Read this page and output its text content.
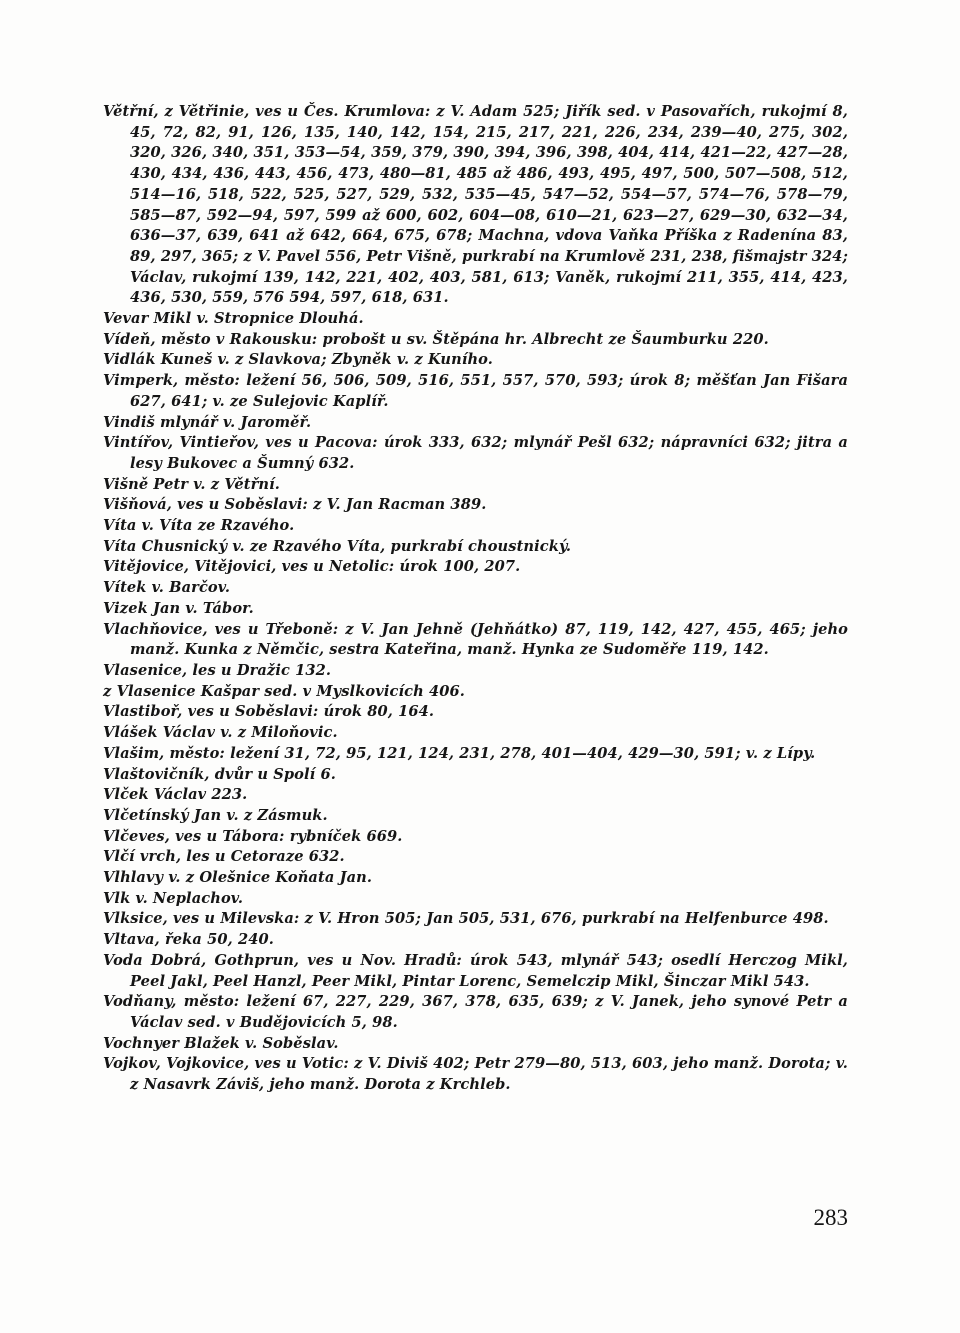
Větřní, z Větřinie, ves u Čes. Krumlova: z V. Adam 525; Jiřík sed. v Pasovařích, rukojmí 8, 45, 72, 82, 91, 126, 135, 140, 142, 154, 215, 217, 221, 226, 234, 239—40, 275, 302, 320, 326, 340, 351, 353—54, 359, 379, 390, 394, 396, 398, 404, 414, 421—22, 427—28, 430, 434, 436, 443, 456, 473, 480—81, 485 až 486, 493, 495, 497, 500, 507—508, 512, 514—16, 518, 522, 525, 527, 529, 532, 535—45, 547—52, 554—57, 574—76, 578—79, 585—87, 592—94, 597, 599 až 600, 602, 604—08, 610—21, 623—27, 629—30, 632—34, 636—37, 639, 641 až 642, 664, 675, 678; Machna, vdova Vaňka Příška z Radenína 83, 89, 297, 365; z V. Pavel 556, Petr Višně, purkrabí na Krumlově 231, 238, fišmajstr 324; Václav, rukojmí 139, 142, 221, 402, 403, 581, 613; Vaněk, rukojmí 211, 355, 414, 423, 436, 530, 559, 576 594, 597, 618, 631.

Vevar Mikl v. Stropnice Dlouhá.

Vídeň, město v Rakousku: probošt u sv. Štěpána hr. Albrecht ze Šaumburku 220.

Vidlák Kuneš v. z Slavkova; Zbyněk v. z Kuního.

Vimperk, město: ležení 56, 506, 509, 516, 551, 557, 570, 593; úrok 8; měšťan Jan Fišara 627, 641; v. ze Sulejovic Kaplíř.

Vindiš mlynář v. Jaroměř.

Vintířov, Vintieřov, ves u Pacova: úrok 333, 632; mlynář Pešl 632; nápravníci 632; jitra a lesy Bukovec a Šumný 632.

Višně Petr v. z Větřní.

Višňová, ves u Soběslavi: z V. Jan Racman 389.

Víta v. Víta ze Rzavého.

Víta Chusnický v. ze Rzavého Víta, purkrabí choustnický.

Vitějovice, Vitějovici, ves u Netolic: úrok 100, 207.

Vítek v. Barčov.

Vizek Jan v. Tábor.

Vlachňovice, ves u Třeboně: z V. Jan Jehně (Jehňátko) 87, 119, 142, 427, 455, 465; jeho manž. Kunka z Němčic, sestra Kateřina, manž. Hynka ze Sudoměře 119, 142.

Vlasenice, les u Dražic 132.

z Vlasenice Kašpar sed. v Myslkovicích 406.

Vlastiboř, ves u Soběslavi: úrok 80, 164.

Vlášek Václav v. z Miloňovic.

Vlašim, město: ležení 31, 72, 95, 121, 124, 231, 278, 401—404, 429—30, 591; v. z Lípy.

Vlaštovičník, dvůr u Spolí 6.

Vlček Václav 223.

Vlčetínský Jan v. z Zásmuk.

Vlčeves, ves u Tábora: rybníček 669.

Vlčí vrch, les u Cetoraze 632.

Vlhlavy v. z Olešnice Koňata Jan.

Vlk v. Neplachov.

Vlksice, ves u Milevska: z V. Hron 505; Jan 505, 531, 676, purkrabí na Helfenburce 498.

Vltava, řeka 50, 240.

Voda Dobrá, Gothprun, ves u Nov. Hradů: úrok 543, mlynář 543; osedlí Herczog Mikl, Peel Jakl, Peel Hanzl, Peer Mikl, Pintar Lorenc, Semelczip Mikl, Šinczar Mikl 543.

Vodňany, město: ležení 67, 227, 229, 367, 378, 635, 639; z V. Janek, jeho synové Petr a Václav sed. v Budějovicích 5, 98.

Vochnyer Blažek v. Soběslav.

Vojkov, Vojkovice, ves u Votic: z V. Diviš 402; Petr 279—80, 513, 603, jeho manž. Dorota; v. z Nasavrk Záviš, jeho manž. Dorota z Krchleb.

283
